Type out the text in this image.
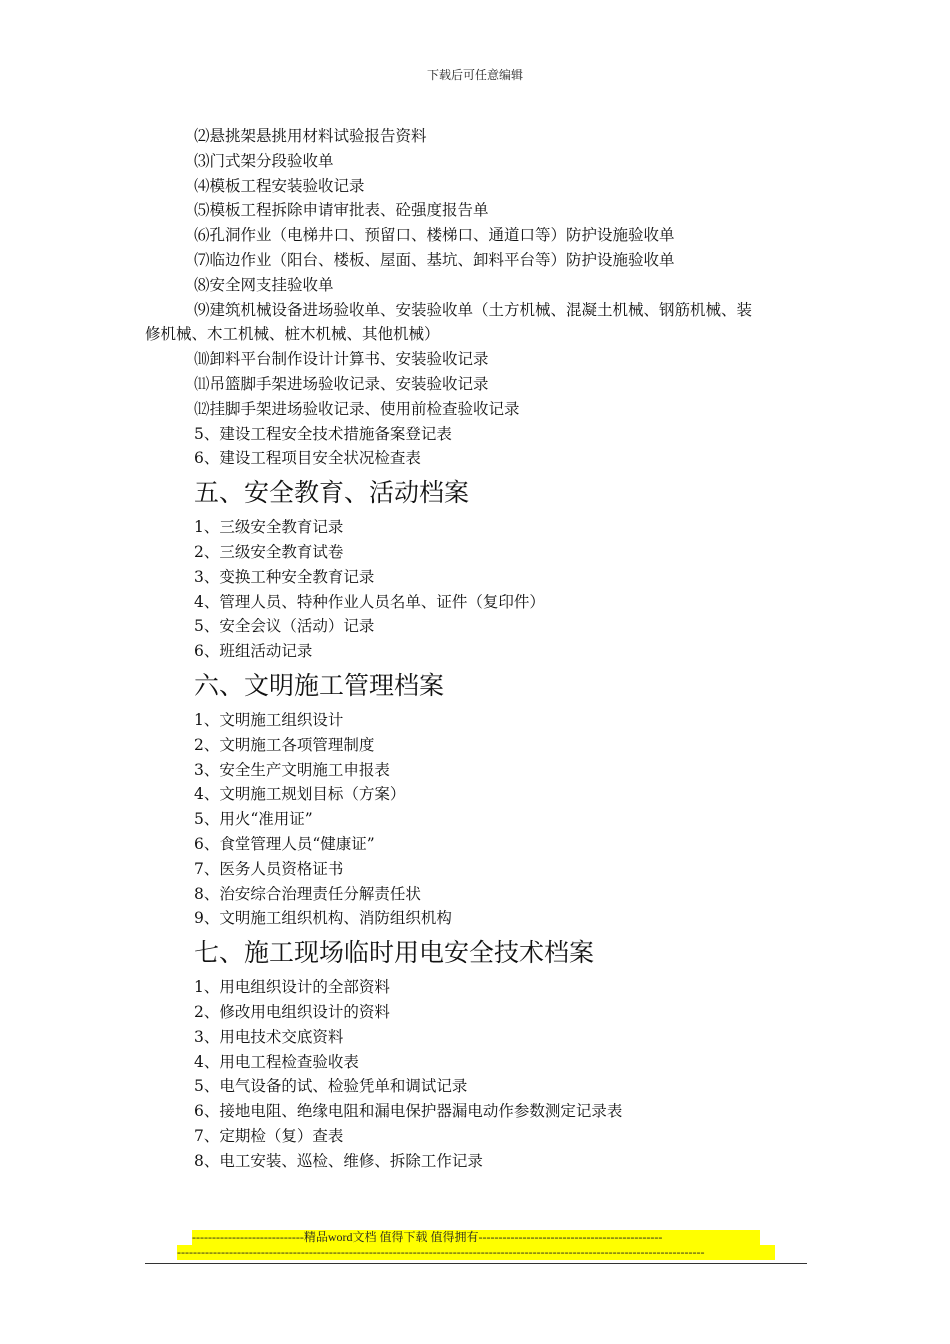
下载后可任意编辑

⑵悬挑架悬挑用材料试验报告资料

⑶门式架分段验收单

⑷模板工程安装验收记录

⑸模板工程拆除申请审批表、砼强度报告单

⑹孔洞作业（电梯井口、预留口、楼梯口、通道口等）防护设施验收单

⑺临边作业（阳台、楼板、屋面、基坑、卸料平台等）防护设施验收单

⑻安全网支挂验收单

⑼建筑机械设备进场验收单、安装验收单（土方机械、混凝土机械、钢筋机械、装

修机械、木工机械、桩木机械、其他机械）

⑽卸料平台制作设计计算书、安装验收记录

⑾吊篮脚手架进场验收记录、安装验收记录

⑿挂脚手架进场验收记录、使用前检查验收记录

5、建设工程安全技术措施备案登记表

6、建设工程项目安全状况检查表

五、安全教育、活动档案

1、三级安全教育记录

2、三级安全教育试卷

3、变换工种安全教育记录

4、管理人员、特种作业人员名单、证件（复印件）

5、安全会议（活动）记录

6、班组活动记录

六、文明施工管理档案

1、文明施工组织设计

2、文明施工各项管理制度

3、安全生产文明施工申报表

4、文明施工规划目标（方案）

5、用火“准用证”

6、食堂管理人员“健康证”

7、医务人员资格证书

8、治安综合治理责任分解责任状

9、文明施工组织机构、消防组织机构

七、施工现场临时用电安全技术档案

1、用电组织设计的全部资料

2、修改用电组织设计的资料

3、用电技术交底资料

4、用电工程检查验收表

5、电气设备的试、检验凭单和调试记录

6、接地电阻、绝缘电阻和漏电保护器漏电动作参数测定记录表

7、定期检（复）查表

8、电工安装、巡检、维修、拆除工作记录

----------------------------精品word文档 值得下载 值得拥有----------------------------------------------
------------------------------------------------------------------------------------------------------------------------------------
